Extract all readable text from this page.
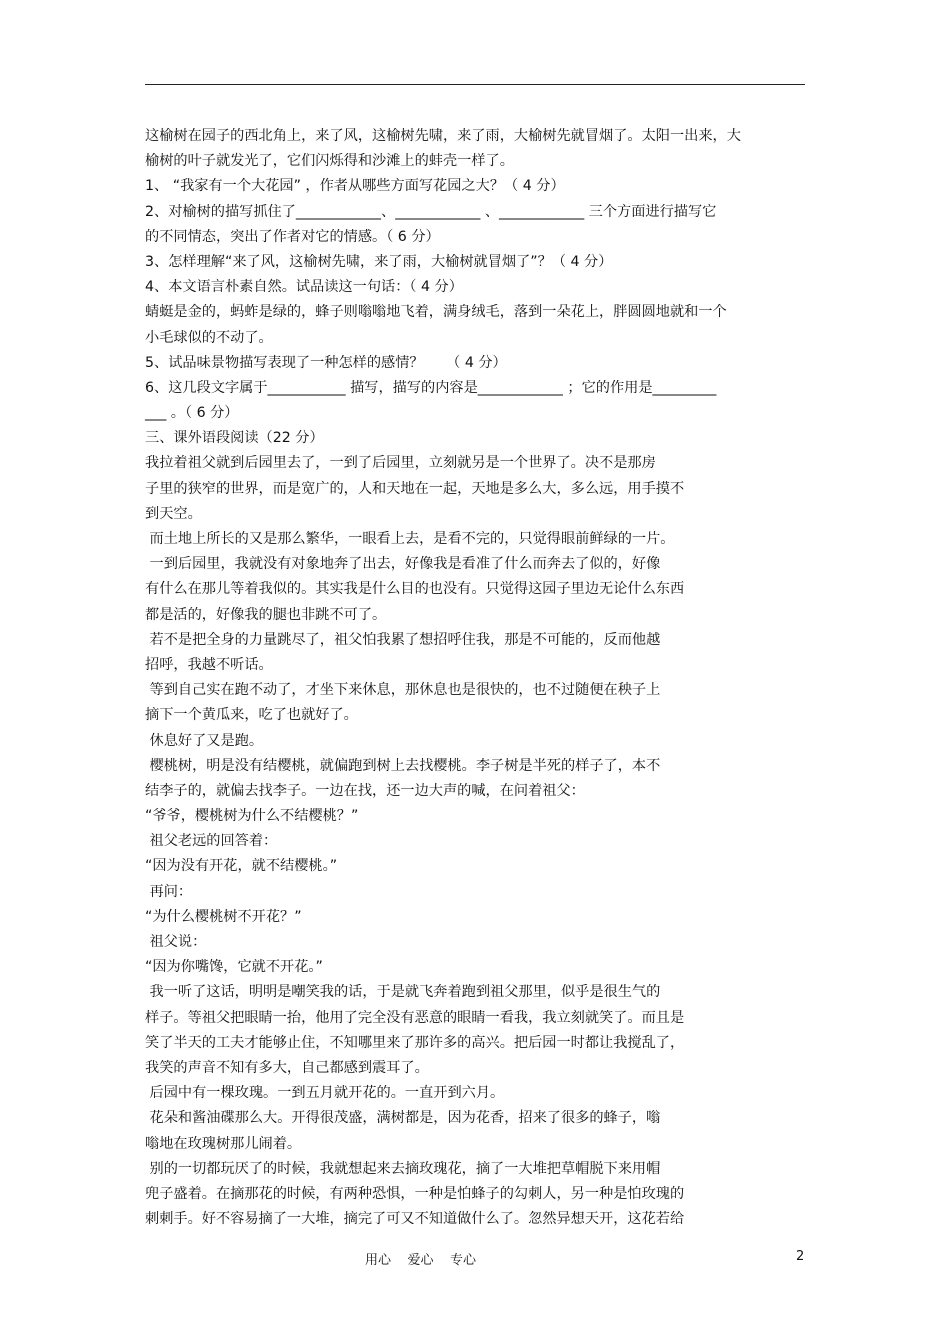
这榆树在园子的西北角上，来了风，这榆树先啸，来了雨，大榆树先就冒烟了。太阳一出来，大
榆树的叶子就发光了，它们闪烁得和沙滩上的蚌壳一样了。
1、 “我家有一个大花园” ，作者从哪些方面写花园之大？（ 4 分）
2、对榆树的描写抓住了____________、____________ 、____________ 三个方面进行描写它
的不同情态，突出了作者对它的情感。（ 6 分）
3、怎样理解“来了风，这榆树先啸，来了雨，大榆树就冒烟了”？（ 4 分）
4、本文语言朴素自然。试品读这一句话：（ 4 分）
蜻蜓是金的，蚂蚱是绿的，蜂子则嗡嗡地飞着，满身绒毛，落到一朵花上，胖圆圆地就和一个
小毛球似的不动了。
5、试品味景物描写表现了一种怎样的感情？     （ 4 分）
6、这几段文字属于___________ 描写，描写的内容是____________ ；它的作用是_________
___ 。（ 6 分）
三、课外语段阅读（22 分）
我拉着祖父就到后园里去了，一到了后园里，立刻就另是一个世界了。决不是那房
子里的狭窄的世界，而是宽广的，人和天地在一起，天地是多么大，多么远，用手摸不
到天空。
而土地上所长的又是那么繁华，一眼看上去，是看不完的，只觉得眼前鲜绿的一片。
一到后园里，我就没有对象地奔了出去，好像我是看准了什么而奔去了似的，好像
有什么在那儿等着我似的。其实我是什么目的也没有。只觉得这园子里边无论什么东西
都是活的，好像我的腿也非跳不可了。
若不是把全身的力量跳尽了，祖父怕我累了想招呼住我，那是不可能的，反而他越
招呼，我越不听话。
等到自己实在跑不动了，才坐下来休息，那休息也是很快的，也不过随便在秧子上
摘下一个黄瓜来，吃了也就好了。
休息好了又是跑。
樱桃树，明是没有结樱桃，就偏跑到树上去找樱桃。李子树是半死的样子了，本不
结李子的，就偏去找李子。一边在找，还一边大声的喊，在问着祖父：
“爷爷，樱桃树为什么不结樱桃？”
祖父老远的回答着：
“因为没有开花，就不结樱桃。”
再问：
“为什么樱桃树不开花？”
祖父说：
“因为你嘴馋，它就不开花。”
我一听了这话，明明是嘲笑我的话，于是就飞奔着跑到祖父那里，似乎是很生气的
样子。等祖父把眼睛一抬，他用了完全没有恶意的眼睛一看我，我立刻就笑了。而且是
笑了半天的工夫才能够止住，不知哪里来了那许多的高兴。把后园一时都让我搅乱了，
我笑的声音不知有多大，自己都感到震耳了。
后园中有一棵玫瑰。一到五月就开花的。一直开到六月。
花朵和酱油碟那么大。开得很茂盛，满树都是，因为花香，招来了很多的蜂子，嗡
嗡地在玫瑰树那儿闹着。
别的一切都玩厌了的时候，我就想起来去摘玫瑰花，摘了一大堆把草帽脱下来用帽
兜子盛着。在摘那花的时候，有两种恐惧，一种是怕蜂子的勾刺人，另一种是怕玫瑰的
刺刺手。好不容易摘了一大堆，摘完了可又不知道做什么了。忽然异想天开，这花若给
用心    爱心    专心	2
